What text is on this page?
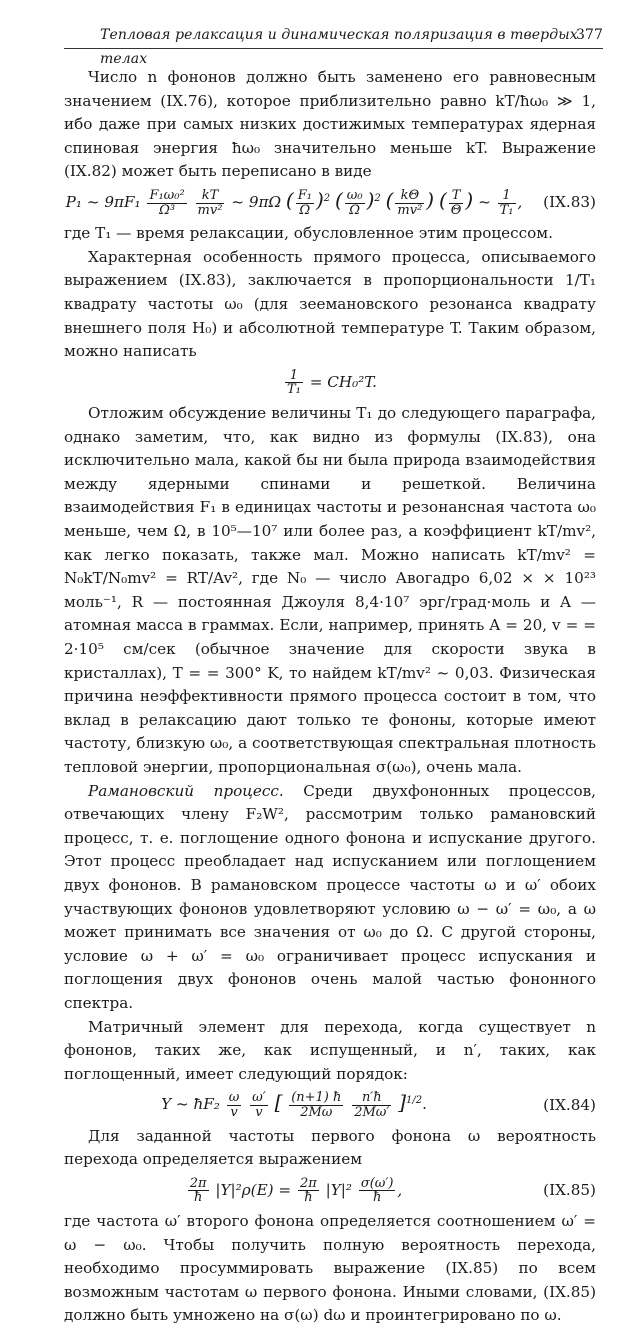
Тепловая релаксация и динамическая поляризация в твердых телах
377

Число n фононов должно быть заменено его равновесным значением (IX.76), которое приблизительно равно kT/ħω₀ ≫ 1, ибо даже при самых низких достижимых температурах ядерная спиновая энергия ħω₀ значительно меньше kT. Выражение (IX.82) может быть переписано в виде

P₁ ~ $9\pi F_1 \frac{\text{F₁ω₀²}}{\text{Ω³}}$
$\frac{kT}{\text{mv²}}$ ~ 9πΩ ( $\frac{\text{F₁}}{\Omega} )^2$ ( $\frac{\text{ω₀}}{\Omega} )^2$ ( $\frac{k\Theta}{\text{mv²}}$ ) ( $\frac{T}{\Theta}$ ) ~ $\frac{1}{\text{T₁}}$ ,	(IX.83)

где T₁ — время релаксации, обусловленное этим процессом.

Характерная особенность прямого процесса, описываемого выражением (IX.83), заключается в пропорциональности 1/T₁ квадрату частоты ω₀ (для зеемановского резонанса квадрату внешнего поля H₀) и абсолютной температуре T. Таким образом, можно написать

$\frac{1}{\text{T₁}} = CH_0^2T$.

Отложим обсуждение величины T₁ до следующего параграфа, однако заметим, что, как видно из формулы (IX.83), она исключительно мала, какой бы ни была природа взаимодействия между ядерными спинами и решеткой. Величина взаимодействия F₁ в единицах частоты и резонансная частота ω₀ меньше, чем Ω, в 10⁵—10⁷ или более раз, а коэффициент kT/mv², как легко показать, также мал. Можно написать kT/mv² = N₀kT/N₀mv² = RT/Av², где N₀ — число Авогадро 6,02 × × 10²³ моль⁻¹, R — постоянная Джоуля 8,4·10⁷ эрг/град·моль и A — атомная масса в граммах. Если, например, принять A = 20, v = = 2·10⁵ см/сек (обычное значение для скорости звука в кристаллах), T = = 300° K, то найдем kT/mv² ~ 0,03. Физическая причина неэффективности прямого процесса состоит в том, что вклад в релаксацию дают только те фононы, которые имеют частоту, близкую ω₀, а соответствующая спектральная плотность тепловой энергии, пропорциональная σ(ω₀), очень мала.

Рамановский процесс. Среди двухфононных процессов, отвечающих члену F₂W², рассмотрим только рамановский процесс, т. е. поглощение одного фонона и испускание другого. Этот процесс преобладает над испусканием или поглощением двух фононов. В рамановском процессе частоты ω и ω′ обоих участвующих фононов удовлетворяют условию ω − ω′ = ω₀, а ω может принимать все значения от ω₀ до Ω. С другой стороны, условие ω + ω′ = ω₀ ограничивает процесс испускания и поглощения двух фононов очень малой частью фононного спектра.

Матричный элемент для перехода, когда существует n фононов, таких же, как испущенный, и n′, таких, как поглощенный, имеет следующий порядок:

Y ~ ħF₂ $\frac{\omega}{v}$
$\frac{\omega'}{v}$ [ $\frac{(n+1) ħ}{2M\omega}$
$\frac{n'ħ}{2M\omega'} ]^{1/2}$.	(IX.84)

Для заданной частоты первого фонона ω вероятность перехода определяется выражением

$\frac{2\pi}{ħ} |Y|^2\rho(E) = \frac{2\pi}{ħ} |Y|^2 \frac{\sigma(\omega')}{ħ}$ ,	(IX.85)

где частота ω′ второго фонона определяется соотношением ω′ = ω − ω₀. Чтобы получить полную вероятность перехода, необходимо просуммировать выражение (IX.85) по всем возможным частотам ω первого фонона. Иными словами, (IX.85) должно быть умножено на σ(ω) dω и проинтегрировано по ω.
